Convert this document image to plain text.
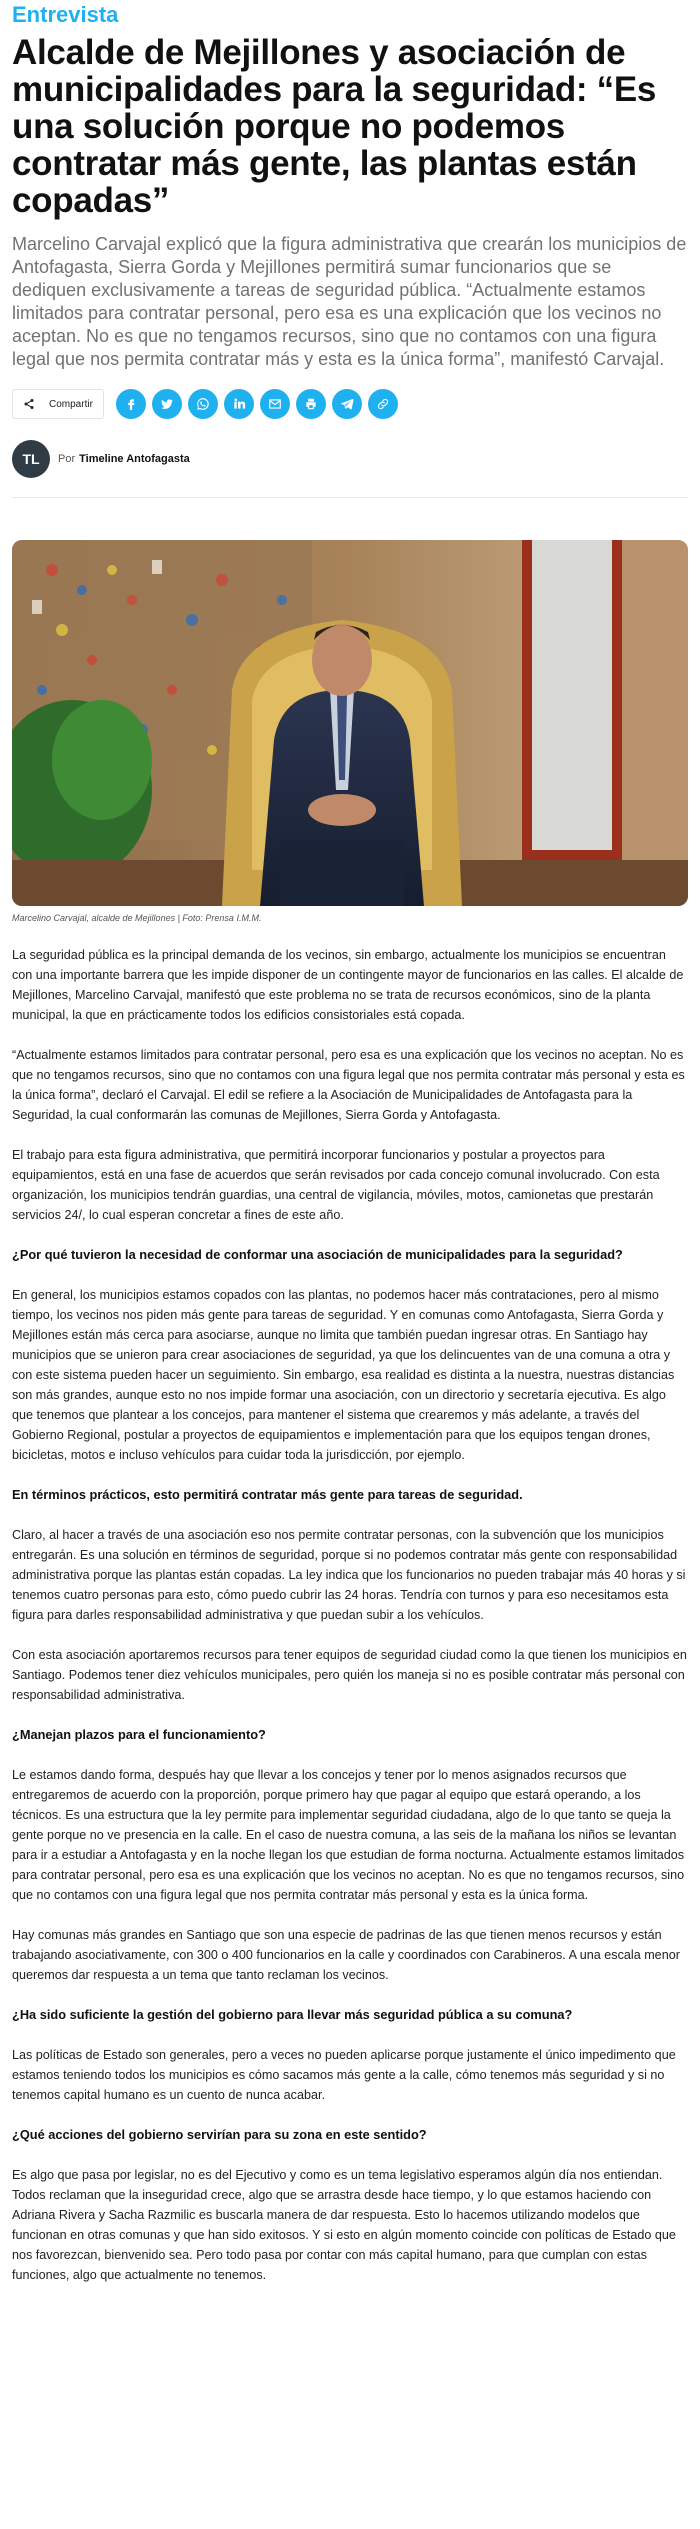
Entrevista
Alcalde de Mejillones y asociación de municipalidades para la seguridad: “Es una solución porque no podemos contratar más gente, las plantas están copadas”

Marcelino Carvajal explicó que la figura administrativa que crearán los municipios de Antofagasta, Sierra Gorda y Mejillones permitirá sumar funcionarios que se dediquen exclusivamente a tareas de seguridad pública. “Actualmente estamos limitados para contratar personal, pero esa es una explicación que los vecinos no aceptan. No es que no tengamos recursos, sino que no contamos con una figura legal que nos permita contratar más y esta es la única forma”, manifestó Carvajal.

Compartir
TL Por Timeline Antofagasta

Marcelino Carvajal, alcalde de Mejillones | Foto: Prensa I.M.M.

La seguridad pública es la principal demanda de los vecinos, sin embargo, actualmente los municipios se encuentran con una importante barrera que les impide disponer de un contingente mayor de funcionarios en las calles. El alcalde de Mejillones, Marcelino Carvajal, manifestó que este problema no se trata de recursos económicos, sino de la planta municipal, la que en prácticamente todos los edificios consistoriales está copada.

“Actualmente estamos limitados para contratar personal, pero esa es una explicación que los vecinos no aceptan. No es que no tengamos recursos, sino que no contamos con una figura legal que nos permita contratar más personal y esta es la única forma”, declaró el Carvajal. El edil se refiere a la Asociación de Municipalidades de Antofagasta para la Seguridad, la cual conformarán las comunas de Mejillones, Sierra Gorda y Antofagasta.

El trabajo para esta figura administrativa, que permitirá incorporar funcionarios y postular a proyectos para equipamientos, está en una fase de acuerdos que serán revisados por cada concejo comunal involucrado. Con esta organización, los municipios tendrán guardias, una central de vigilancia, móviles, motos, camionetas que prestarán servicios 24/, lo cual esperan concretar a fines de este año.

¿Por qué tuvieron la necesidad de conformar una asociación de municipalidades para la seguridad?

En general, los municipios estamos copados con las plantas, no podemos hacer más contrataciones, pero al mismo tiempo, los vecinos nos piden más gente para tareas de seguridad. Y en comunas como Antofagasta, Sierra Gorda y Mejillones están más cerca para asociarse, aunque no limita que también puedan ingresar otras. En Santiago hay municipios que se unieron para crear asociaciones de seguridad, ya que los delincuentes van de una comuna a otra y con este sistema pueden hacer un seguimiento. Sin embargo, esa realidad es distinta a la nuestra, nuestras distancias son más grandes, aunque esto no nos impide formar una asociación, con un directorio y secretaría ejecutiva. Es algo que tenemos que plantear a los concejos, para mantener el sistema que crearemos y más adelante, a través del Gobierno Regional, postular a proyectos de equipamientos e implementación para que los equipos tengan drones, bicicletas, motos e incluso vehículos para cuidar toda la jurisdicción, por ejemplo.

En términos prácticos, esto permitirá contratar más gente para tareas de seguridad.

Claro, al hacer a través de una asociación eso nos permite contratar personas, con la subvención que los municipios entregarán. Es una solución en términos de seguridad, porque si no podemos contratar más gente con responsabilidad administrativa porque las plantas están copadas. La ley indica que los funcionarios no pueden trabajar más 40 horas y si tenemos cuatro personas para esto, cómo puedo cubrir las 24 horas. Tendría con turnos y para eso necesitamos esta figura para darles responsabilidad administrativa y que puedan subir a los vehículos.

Con esta asociación aportaremos recursos para tener equipos de seguridad ciudad como la que tienen los municipios en Santiago. Podemos tener diez vehículos municipales, pero quién los maneja si no es posible contratar más personal con responsabilidad administrativa.

¿Manejan plazos para el funcionamiento?

Le estamos dando forma, después hay que llevar a los concejos y tener por lo menos asignados recursos que entregaremos de acuerdo con la proporción, porque primero hay que pagar al equipo que estará operando, a los técnicos. Es una estructura que la ley permite para implementar seguridad ciudadana, algo de lo que tanto se queja la gente porque no ve presencia en la calle. En el caso de nuestra comuna, a las seis de la mañana los niños se levantan para ir a estudiar a Antofagasta y en la noche llegan los que estudian de forma nocturna. Actualmente estamos limitados para contratar personal, pero esa es una explicación que los vecinos no aceptan. No es que no tengamos recursos, sino que no contamos con una figura legal que nos permita contratar más personal y esta es la única forma.

Hay comunas más grandes en Santiago que son una especie de padrinas de las que tienen menos recursos y están trabajando asociativamente, con 300 o 400 funcionarios en la calle y coordinados con Carabineros. A una escala menor queremos dar respuesta a un tema que tanto reclaman los vecinos.

¿Ha sido suficiente la gestión del gobierno para llevar más seguridad pública a su comuna?

Las políticas de Estado son generales, pero a veces no pueden aplicarse porque justamente el único impedimento que estamos teniendo todos los municipios es cómo sacamos más gente a la calle, cómo tenemos más seguridad y si no tenemos capital humano es un cuento de nunca acabar.

¿Qué acciones del gobierno servirían para su zona en este sentido?

Es algo que pasa por legislar, no es del Ejecutivo y como es un tema legislativo esperamos algún día nos entiendan. Todos reclaman que la inseguridad crece, algo que se arrastra desde hace tiempo, y lo que estamos haciendo con Adriana Rivera y Sacha Razmilic es buscarla manera de dar respuesta. Esto lo hacemos utilizando modelos que funcionan en otras comunas y que han sido exitosos. Y si esto en algún momento coincide con políticas de Estado que nos favorezcan, bienvenido sea. Pero todo pasa por contar con más capital humano, para que cumplan con estas funciones, algo que actualmente no tenemos.
